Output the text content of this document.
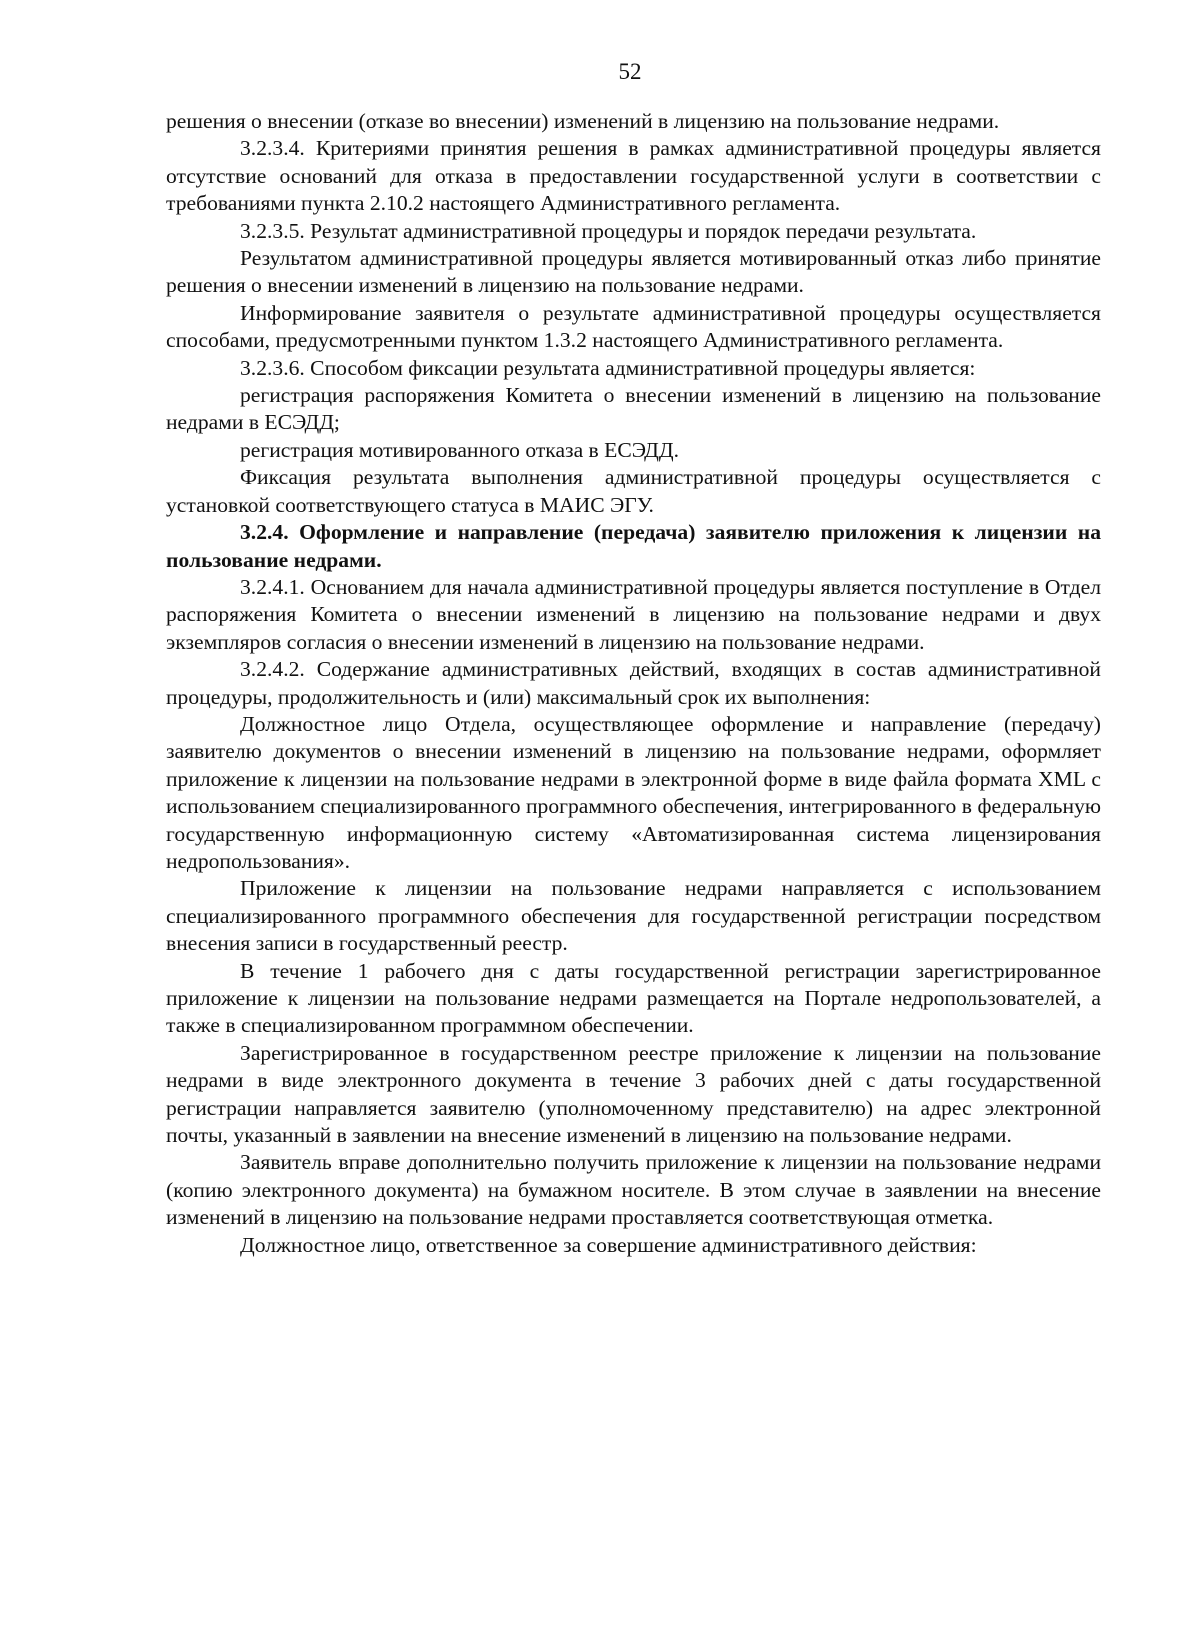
52

решения о внесении (отказе во внесении) изменений в лицензию на пользование недрами.

3.2.3.4. Критериями принятия решения в рамках административной процедуры является отсутствие оснований для отказа в предоставлении государственной услуги в соответствии с требованиями пункта 2.10.2 настоящего Административного регламента.

3.2.3.5. Результат административной процедуры и порядок передачи результата.

Результатом административной процедуры является мотивированный отказ либо принятие решения о внесении изменений в лицензию на пользование недрами.

Информирование заявителя о результате административной процедуры осуществляется способами, предусмотренными пунктом 1.3.2 настоящего Административного регламента.

3.2.3.6. Способом фиксации результата административной процедуры является:

регистрация распоряжения Комитета о внесении изменений в лицензию на пользование недрами в ЕСЭДД;

регистрация мотивированного отказа в ЕСЭДД.

Фиксация результата выполнения административной процедуры осуществляется с установкой соответствующего статуса в МАИС ЭГУ.

3.2.4. Оформление и направление (передача) заявителю приложения к лицензии на пользование недрами.

3.2.4.1. Основанием для начала административной процедуры является поступление в Отдел распоряжения Комитета о внесении изменений в лицензию на пользование недрами и двух экземпляров согласия о внесении изменений в лицензию на пользование недрами.

3.2.4.2. Содержание административных действий, входящих в состав административной процедуры, продолжительность и (или) максимальный срок их выполнения:

Должностное лицо Отдела, осуществляющее оформление и направление (передачу) заявителю документов о внесении изменений в лицензию на пользование недрами, оформляет приложение к лицензии на пользование недрами в электронной форме в виде файла формата XML с использованием специализированного программного обеспечения, интегрированного в федеральную государственную информационную систему «Автоматизированная система лицензирования недропользования».

Приложение к лицензии на пользование недрами направляется с использованием специализированного программного обеспечения для государственной регистрации посредством внесения записи в государственный реестр.

В течение 1 рабочего дня с даты государственной регистрации зарегистрированное приложение к лицензии на пользование недрами размещается на Портале недропользователей, а также в специализированном программном обеспечении.

Зарегистрированное в государственном реестре приложение к лицензии на пользование недрами в виде электронного документа в течение 3 рабочих дней с даты государственной регистрации направляется заявителю (уполномоченному представителю) на адрес электронной почты, указанный в заявлении на внесение изменений в лицензию на пользование недрами.

Заявитель вправе дополнительно получить приложение к лицензии на пользование недрами (копию электронного документа) на бумажном носителе. В этом случае в заявлении на внесение изменений в лицензию на пользование недрами проставляется соответствующая отметка.

Должностное лицо, ответственное за совершение административного действия:
